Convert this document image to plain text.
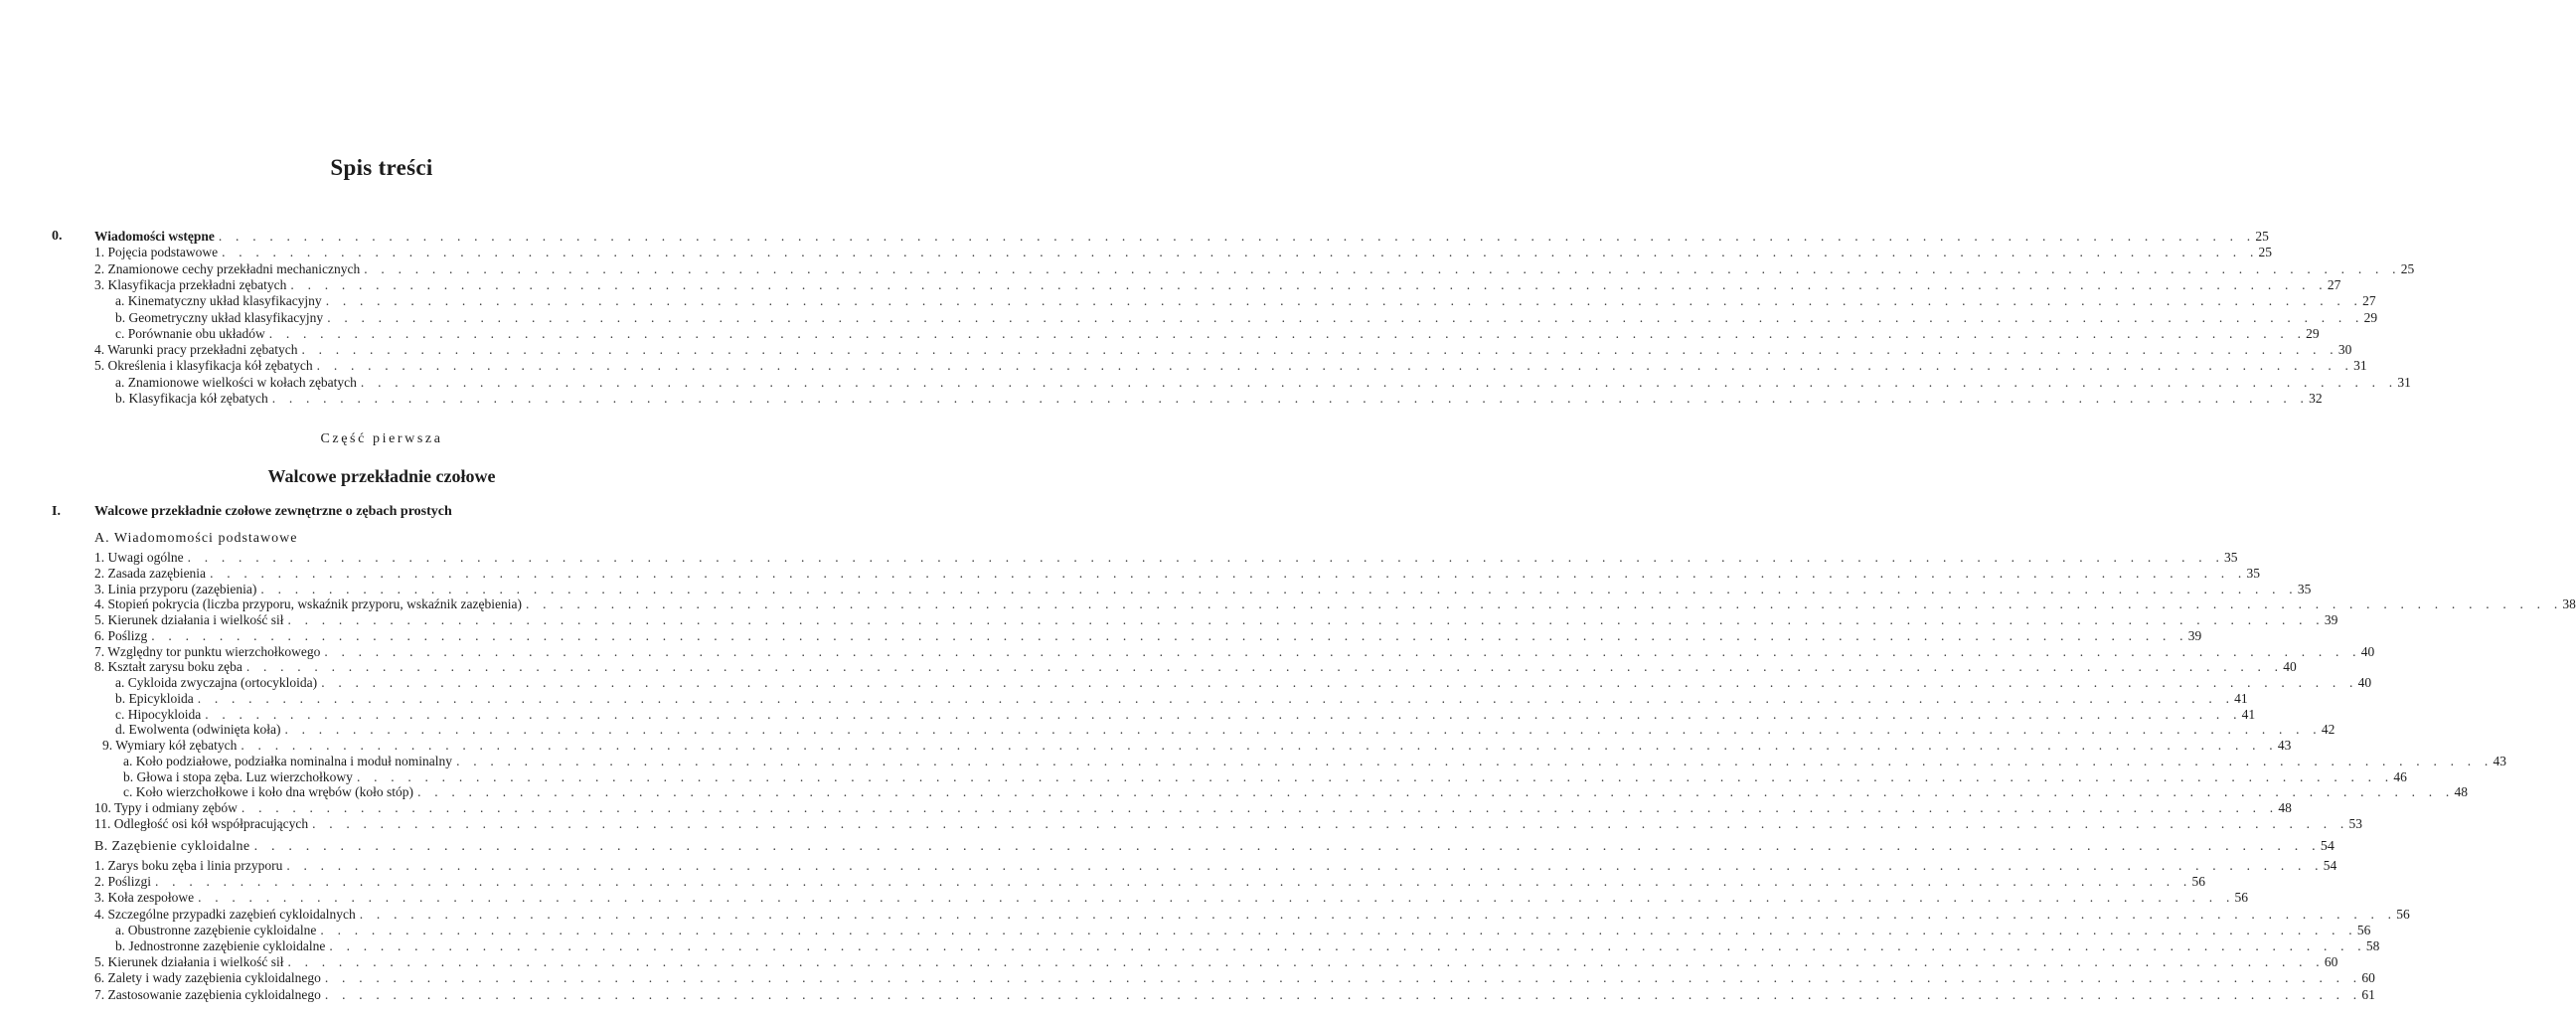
Spis treści
0.	Wiadomości wstępne . . . . . . . . . . . . . . . . . . . . . . . . . . . . . . . . . . . . . . . . . . . . . . . . . . . . . . . . . . . . . . . . . . . . . . . . . . . . . . . . . . . . . . . . . . . . . . . . . . . . . . . . . . . . . . . . . . . . . . . . 25
1. Pojęcia podstawowe . . . . . . . . . . . . . . . . . . . . . . . . . . . . . . . . . . . . . . . . . . . . . . . . . . . . . . . . . . . . . . . . . . . . . . . . . . . . . . . . . . . . . . . . . . . . . . . . . . . . . . . . . . . . . . . . . . . . . . . . 25
2. Znamionowe cechy przekładni mechanicznych . . . . . . . . . . . . . . . . . . . . . . . . . . . . . . . . . . . . . . . . . . . . . . . . . . . . . . . . . . . . . . . . . . . . . . . . . . . . . . . . . . . . . . . . . . . . . . . . . . . . . . . . . . . . . . . . . . . . . . . . 25
3. Klasyfikacja przekładni zębatych . . . . . . . . . . . . . . . . . . . . . . . . . . . . . . . . . . . . . . . . . . . . . . . . . . . . . . . . . . . . . . . . . . . . . . . . . . . . . . . . . . . . . . . . . . . . . . . . . . . . . . . . . . . . . . . . . . . . . . . . 27
a. Kinematyczny układ klasyfikacyjny . . . . . . . . . . . . . . . . . . . . . . . . . . . . . . . . . . . . . . . . . . . . . . . . . . . . . . . . . . . . . . . . . . . . . . . . . . . . . . . . . . . . . . . . . . . . . . . . . . . . . . . . . . . . . . . . . . . . . . . . 27
b. Geometryczny układ klasyfikacyjny . . . . . . . . . . . . . . . . . . . . . . . . . . . . . . . . . . . . . . . . . . . . . . . . . . . . . . . . . . . . . . . . . . . . . . . . . . . . . . . . . . . . . . . . . . . . . . . . . . . . . . . . . . . . . . . . . . . . . . . . 29
c. Porównanie obu układów . . . . . . . . . . . . . . . . . . . . . . . . . . . . . . . . . . . . . . . . . . . . . . . . . . . . . . . . . . . . . . . . . . . . . . . . . . . . . . . . . . . . . . . . . . . . . . . . . . . . . . . . . . . . . . . . . . . . . . . . 29
4. Warunki pracy przekładni zębatych . . . . . . . . . . . . . . . . . . . . . . . . . . . . . . . . . . . . . . . . . . . . . . . . . . . . . . . . . . . . . . . . . . . . . . . . . . . . . . . . . . . . . . . . . . . . . . . . . . . . . . . . . . . . . . . . . . . . . . . . 30
5. Określenia i klasyfikacja kół zębatych . . . . . . . . . . . . . . . . . . . . . . . . . . . . . . . . . . . . . . . . . . . . . . . . . . . . . . . . . . . . . . . . . . . . . . . . . . . . . . . . . . . . . . . . . . . . . . . . . . . . . . . . . . . . . . . . . . . . . . . . 31
a. Znamionowe wielkości w kołach zębatych . . . . . . . . . . . . . . . . . . . . . . . . . . . . . . . . . . . . . . . . . . . . . . . . . . . . . . . . . . . . . . . . . . . . . . . . . . . . . . . . . . . . . . . . . . . . . . . . . . . . . . . . . . . . . . . . . . . . . . . . 31
b. Klasyfikacja kół zębatych . . . . . . . . . . . . . . . . . . . . . . . . . . . . . . . . . . . . . . . . . . . . . . . . . . . . . . . . . . . . . . . . . . . . . . . . . . . . . . . . . . . . . . . . . . . . . . . . . . . . . . . . . . . . . . . . . . . . . . . . 32
Część pierwsza
Walcowe przekładnie czołowe
I. Walcowe przekładnie czołowe zewnętrzne o zębach prostych
A. Wiadomomości podstawowe
1. Uwagi ogólne . . . . . . . . . . . . . . . . . . . . . . . . . . . . . . . . . . . . . . . . . . . . . . . . . . . . . . . . . . . . . . . . . . . . . . . . . . . . . . . . . . . . . . . . . . . . . . . . . . . . . . . . . . . . . . . . . . . . . . . . 35
2. Zasada zazębienia . . . . . . . . . . . . . . . . . . . . . . . . . . . . . . . . . . . . . . . . . . . . . . . . . . . . . . . . . . . . . . . . . . . . . . . . . . . . . . . . . . . . . . . . . . . . . . . . . . . . . . . . . . . . . . . . . . . . . . . . 35
3. Linia przyporu (zazębienia) . . . . . . . . . . . . . . . . . . . . . . . . . . . . . . . . . . . . . . . . . . . . . . . . . . . . . . . . . . . . . . . . . . . . . . . . . . . . . . . . . . . . . . . . . . . . . . . . . . . . . . . . . . . . . . . . . . . . . . . . 35
4. Stopień pokrycia (liczba przyporu, wskaźnik przyporu, wskaźnik zazębienia) . . . . . . . . . . . . . . . . . . . . . . . . . . . . . . . . . . . . . . . . . . . . . . . . . . . . . . . . . . . . . . . . . . . . . . . . . . . . . . . . . . . . . . . . . . . . . . . . . . . . . . . . . . . . . . . . . . . . . . . . 38
5. Kierunek działania i wielkość sił . . . . . . . . . . . . . . . . . . . . . . . . . . . . . . . . . . . . . . . . . . . . . . . . . . . . . . . . . . . . . . . . . . . . . . . . . . . . . . . . . . . . . . . . . . . . . . . . . . . . . . . . . . . . . . . . . . . . . . . . 39
6. Poślizg . . . . . . . . . . . . . . . . . . . . . . . . . . . . . . . . . . . . . . . . . . . . . . . . . . . . . . . . . . . . . . . . . . . . . . . . . . . . . . . . . . . . . . . . . . . . . . . . . . . . . . . . . . . . . . . . . . . . . . . . 39
7. Względny tor punktu wierzchołkowego . . . . . . . . . . . . . . . . . . . . . . . . . . . . . . . . . . . . . . . . . . . . . . . . . . . . . . . . . . . . . . . . . . . . . . . . . . . . . . . . . . . . . . . . . . . . . . . . . . . . . . . . . . . . . . . . . . . . . . . . 40
8. Kształt zarysu boku zęba . . . . . . . . . . . . . . . . . . . . . . . . . . . . . . . . . . . . . . . . . . . . . . . . . . . . . . . . . . . . . . . . . . . . . . . . . . . . . . . . . . . . . . . . . . . . . . . . . . . . . . . . . . . . . . . . . . . . . . . . 40
a. Cykloida zwyczajna (ortocykloida) . . . . . . . . . . . . . . . . . . . . . . . . . . . . . . . . . . . . . . . . . . . . . . . . . . . . . . . . . . . . . . . . . . . . . . . . . . . . . . . . . . . . . . . . . . . . . . . . . . . . . . . . . . . . . . . . . . . . . . . . 40
b. Epicykloida . . . . . . . . . . . . . . . . . . . . . . . . . . . . . . . . . . . . . . . . . . . . . . . . . . . . . . . . . . . . . . . . . . . . . . . . . . . . . . . . . . . . . . . . . . . . . . . . . . . . . . . . . . . . . . . . . . . . . . . . 41
c. Hipocykloida . . . . . . . . . . . . . . . . . . . . . . . . . . . . . . . . . . . . . . . . . . . . . . . . . . . . . . . . . . . . . . . . . . . . . . . . . . . . . . . . . . . . . . . . . . . . . . . . . . . . . . . . . . . . . . . . . . . . . . . . 41
d. Ewolwenta (odwinięta koła) . . . . . . . . . . . . . . . . . . . . . . . . . . . . . . . . . . . . . . . . . . . . . . . . . . . . . . . . . . . . . . . . . . . . . . . . . . . . . . . . . . . . . . . . . . . . . . . . . . . . . . . . . . . . . . . . . . . . . . . . 42
9. Wymiary kół zębatych . . . . . . . . . . . . . . . . . . . . . . . . . . . . . . . . . . . . . . . . . . . . . . . . . . . . . . . . . . . . . . . . . . . . . . . . . . . . . . . . . . . . . . . . . . . . . . . . . . . . . . . . . . . . . . . . . . . . . . . . 43
a. Koło podziałowe, podziałka nominalna i moduł nominalny . . . . . . . . . . . . . . . . . . . . . . . . . . . . . . . . . . . . . . . . . . . . . . . . . . . . . . . . . . . . . . . . . . . . . . . . . . . . . . . . . . . . . . . . . . . . . . . . . . . . . . . . . . . . . . . . . . . . . . . . 43
b. Głowa i stopa zęba. Luz wierzchołkowy . . . . . . . . . . . . . . . . . . . . . . . . . . . . . . . . . . . . . . . . . . . . . . . . . . . . . . . . . . . . . . . . . . . . . . . . . . . . . . . . . . . . . . . . . . . . . . . . . . . . . . . . . . . . . . . . . . . . . . . . 46
c. Koło wierzchołkowe i koło dna wrębów (koło stóp) . . . . . . . . . . . . . . . . . . . . . . . . . . . . . . . . . . . . . . . . . . . . . . . . . . . . . . . . . . . . . . . . . . . . . . . . . . . . . . . . . . . . . . . . . . . . . . . . . . . . . . . . . . . . . . . . . . . . . . . . 48
10. Typy i odmiany zębów . . . . . . . . . . . . . . . . . . . . . . . . . . . . . . . . . . . . . . . . . . . . . . . . . . . . . . . . . . . . . . . . . . . . . . . . . . . . . . . . . . . . . . . . . . . . . . . . . . . . . . . . . . . . . . . . . . . . . . . . 48
11. Odległość osi kół współpracujących . . . . . . . . . . . . . . . . . . . . . . . . . . . . . . . . . . . . . . . . . . . . . . . . . . . . . . . . . . . . . . . . . . . . . . . . . . . . . . . . . . . . . . . . . . . . . . . . . . . . . . . . . . . . . . . . . . . . . . . . 53
B. Zazębienie cykloidalne . . . . . . . . . . . . . . . . . . . . . . . . . . . . . . . . . . . . . . . . . . . . . . . . . . . . . . . . . . . . . . . . . . . . . . . . . . . . . . . . . . . . . . . . . . . . . . . . . . . . . . . . . . . . . . . . . . . . . . . . 54
1. Zarys boku zęba i linia przyporu . . . . . . . . . . . . . . . . . . . . . . . . . . . . . . . . . . . . . . . . . . . . . . . . . . . . . . . . . . . . . . . . . . . . . . . . . . . . . . . . . . . . . . . . . . . . . . . . . . . . . . . . . . . . . . . . . . . . . . . . 54
2. Poślizgi . . . . . . . . . . . . . . . . . . . . . . . . . . . . . . . . . . . . . . . . . . . . . . . . . . . . . . . . . . . . . . . . . . . . . . . . . . . . . . . . . . . . . . . . . . . . . . . . . . . . . . . . . . . . . . . . . . . . . . . . 56
3. Koła zespołowe . . . . . . . . . . . . . . . . . . . . . . . . . . . . . . . . . . . . . . . . . . . . . . . . . . . . . . . . . . . . . . . . . . . . . . . . . . . . . . . . . . . . . . . . . . . . . . . . . . . . . . . . . . . . . . . . . . . . . . . . 56
4. Szczególne przypadki zazębień cykloidalnych . . . . . . . . . . . . . . . . . . . . . . . . . . . . . . . . . . . . . . . . . . . . . . . . . . . . . . . . . . . . . . . . . . . . . . . . . . . . . . . . . . . . . . . . . . . . . . . . . . . . . . . . . . . . . . . . . . . . . . . . 56
a. Obustronne zazębienie cykloidalne . . . . . . . . . . . . . . . . . . . . . . . . . . . . . . . . . . . . . . . . . . . . . . . . . . . . . . . . . . . . . . . . . . . . . . . . . . . . . . . . . . . . . . . . . . . . . . . . . . . . . . . . . . . . . . . . . . . . . . . . 56
b. Jednostronne zazębienie cykloidalne . . . . . . . . . . . . . . . . . . . . . . . . . . . . . . . . . . . . . . . . . . . . . . . . . . . . . . . . . . . . . . . . . . . . . . . . . . . . . . . . . . . . . . . . . . . . . . . . . . . . . . . . . . . . . . . . . . . . . . . . 58
5. Kierunek działania i wielkość sił . . . . . . . . . . . . . . . . . . . . . . . . . . . . . . . . . . . . . . . . . . . . . . . . . . . . . . . . . . . . . . . . . . . . . . . . . . . . . . . . . . . . . . . . . . . . . . . . . . . . . . . . . . . . . . . . . . . . . . . . 60
6. Zalety i wady zazębienia cykloidalnego . . . . . . . . . . . . . . . . . . . . . . . . . . . . . . . . . . . . . . . . . . . . . . . . . . . . . . . . . . . . . . . . . . . . . . . . . . . . . . . . . . . . . . . . . . . . . . . . . . . . . . . . . . . . . . . . . . . . . . . . 60
7. Zastosowanie zazębienia cykloidalnego . . . . . . . . . . . . . . . . . . . . . . . . . . . . . . . . . . . . . . . . . . . . . . . . . . . . . . . . . . . . . . . . . . . . . . . . . . . . . . . . . . . . . . . . . . . . . . . . . . . . . . . . . . . . . . . . . . . . . . . . 61
